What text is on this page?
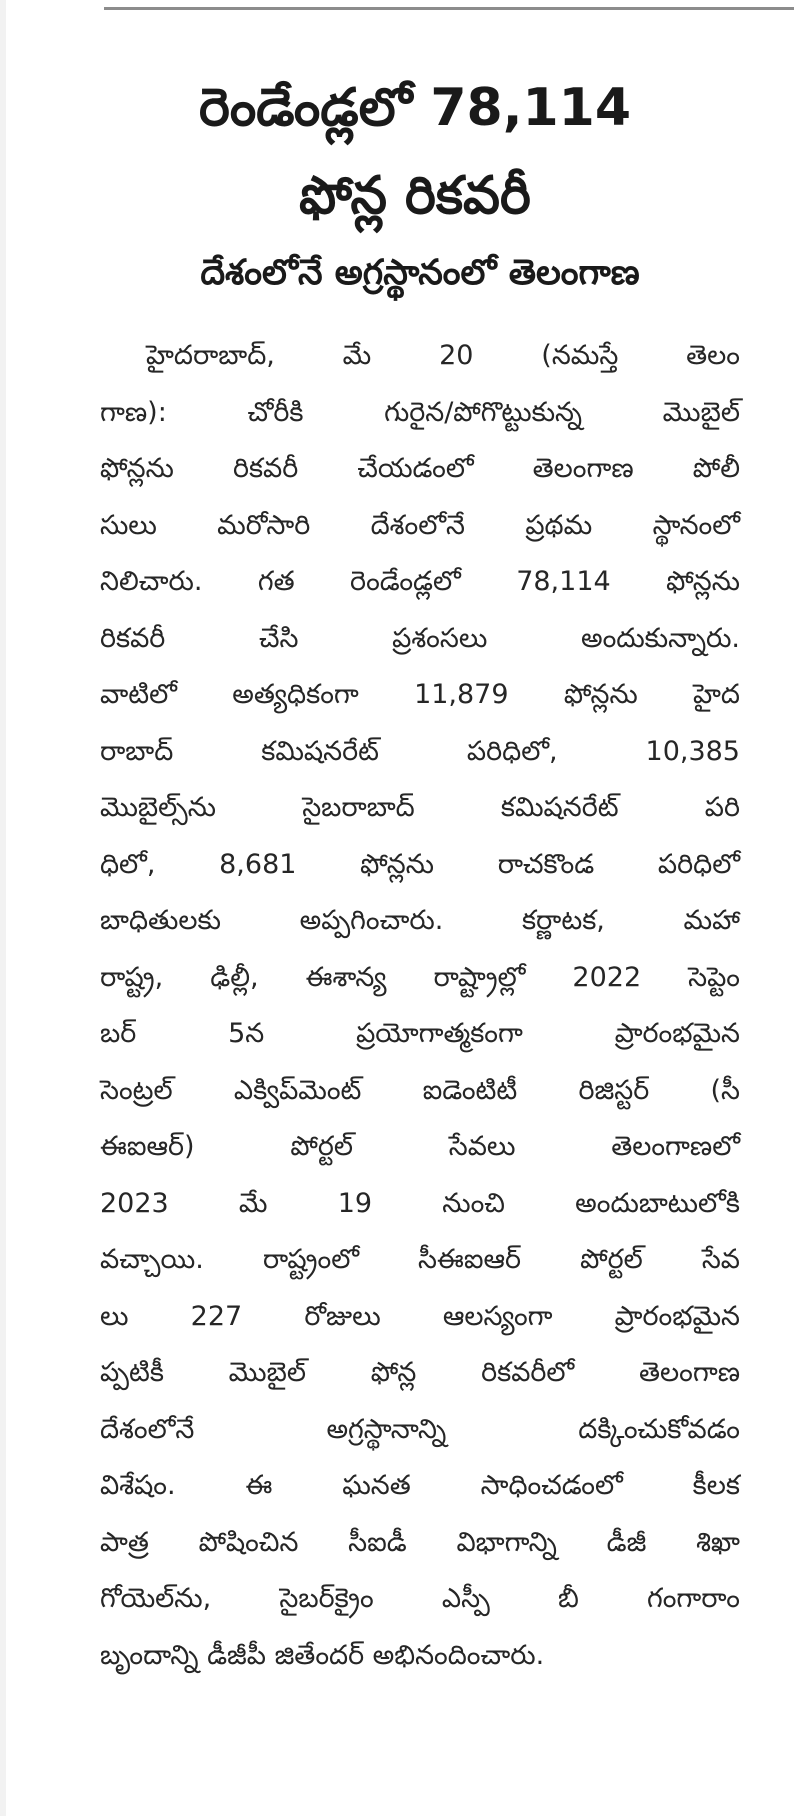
రెండేండ్లలో 78,114
ఫోన్ల రికవరీ
దేశంలోనే అగ్రస్థానంలో తెలంగాణ
హైదరాబాద్, మే 20 (నమస్తే తెలం
గాణ): చోరీకి గురైన/పోగొట్టుకున్న మొబైల్
ఫోన్లను రికవరీ చేయడంలో తెలంగాణ పోలీ
సులు మరోసారి దేశంలోనే ప్రథమ స్థానంలో
నిలిచారు. గత రెండేండ్లలో 78,114 ఫోన్లను
రికవరీ చేసి ప్రశంసలు అందుకున్నారు.
వాటిలో అత్యధికంగా 11,879 ఫోన్లను హైద
రాబాద్ కమిషనరేట్ పరిధిలో, 10,385
మొబైల్స్‌ను సైబరాబాద్ కమిషనరేట్ పరి
ధిలో, 8,681 ఫోన్లను రాచకొండ పరిధిలో
బాధితులకు అప్పగించారు. కర్ణాటక, మహా
రాష్ట్ర, ఢిల్లీ, ఈశాన్య రాష్ట్రాల్లో 2022 సెప్టెం
బర్ 5న ప్రయోగాత్మకంగా ప్రారంభమైన
సెంట్రల్ ఎక్విప్‌మెంట్ ఐడెంటిటీ రిజిస్టర్ (సీ
ఈఐఆర్) పోర్టల్ సేవలు తెలంగాణలో
2023 మే 19 నుంచి అందుబాటులోకి
వచ్చాయి. రాష్ట్రంలో సీఈఐఆర్ పోర్టల్ సేవ
లు 227 రోజులు ఆలస్యంగా ప్రారంభమైన
ప్పటికీ మొబైల్ ఫోన్ల రికవరీలో తెలంగాణ
దేశంలోనే అగ్రస్థానాన్ని దక్కించుకోవడం
విశేషం. ఈ ఘనత సాధించడంలో కీలక
పాత్ర పోషించిన సీఐడీ విభాగాన్ని డీజీ శిఖా
గోయెల్‌ను, సైబర్‌క్రైం ఎస్పీ బీ గంగారాం
బృందాన్ని డీజీపీ జితేందర్ అభినందించారు.
